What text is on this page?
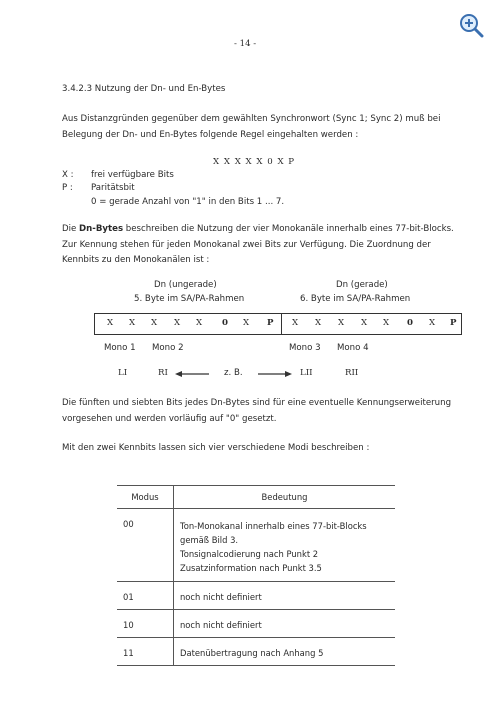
- 14 -
3.4.2.3 Nutzung der Dn- und En-Bytes
Aus Distanzgründen gegenüber dem gewählten Synchronwort (Sync 1; Sync 2) muß bei
Belegung der Dn- und En-Bytes folgende Regel eingehalten werden :
X X X X X 0 X P
X : frei verfügbare Bits
P : Paritätsbit
0 = gerade Anzahl von "1" in den Bits 1 ... 7.
Die Dn-Bytes beschreiben die Nutzung der vier Monokanäle innerhalb eines 77-bit-Blocks.
Zur Kennung stehen für jeden Monokanal zwei Bits zur Verfügung. Die Zuordnung der
Kennbits zu den Monokanälen ist :
Dn (ungerade)
5. Byte im SA/PA-Rahmen
Dn (gerade)
6. Byte im SA/PA-Rahmen
X X X X X 0 X P X X X X X 0 X P
Mono 1 Mono 2	Mono 3 Mono 4
LI	RI	z. B.	LII	RII
Die fünften und siebten Bits jedes Dn-Bytes sind für eine eventuelle Kennungserweiterung
vorgesehen und werden vorläufig auf "0" gesetzt.
Mit den zwei Kennbits lassen sich vier verschiedene Modi beschreiben :
Modus	Bedeutung
00	Ton-Monokanal innerhalb eines 77-bit-Blocks
gemäß Bild 3.
Tonsignalcodierung nach Punkt 2
Zusatzinformation nach Punkt 3.5

01	noch nicht definiert
10	noch nicht definiert
11	Datenübertragung nach Anhang 5
